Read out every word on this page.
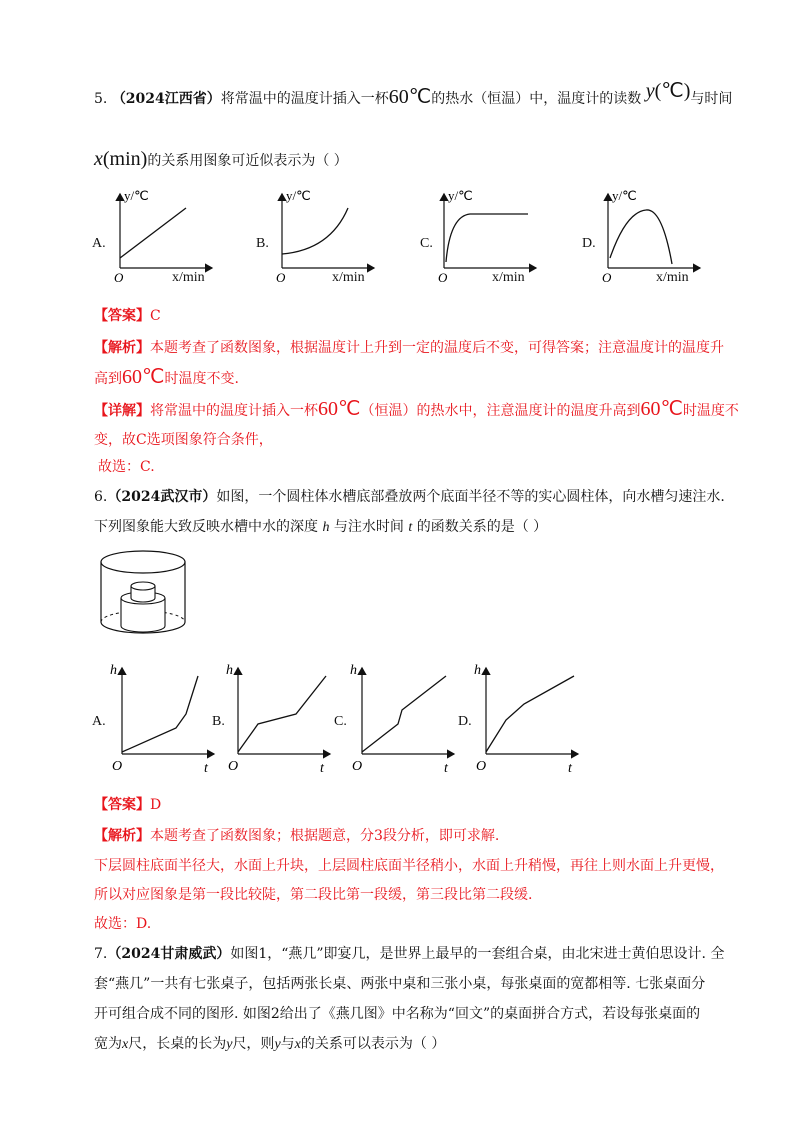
5. （2024江西省）将常温中的温度计插入一杯60℃的热水（恒温）中，温度计的读数 y(℃)与时间
x(min)的关系用图象可近似表示为（ ）
A.
y/℃
O	x/min
B.
y/℃
O	x/min
C.
y/℃
O	x/min
D.
y/℃
O	x/min
【答案】C
【解析】本题考查了函数图象，根据温度计上升到一定的温度后不变，可得答案；注意温度计的温度升
高到60℃时温度不变.
【详解】将常温中的温度计插入一杯60℃（恒温）的热水中，注意温度计的温度升高到60℃时温度不
变，故C选项图象符合条件，
故选：C.
6.（2024武汉市）如图，一个圆柱体水槽底部叠放两个底面半径不等的实心圆柱体，向水槽匀速注水.
下列图象能大致反映水槽中水的深度 h 与注水时间 t 的函数关系的是（ ）
A.
h
O	t
B.
h
O	t
C.
h
O	t
D.
h
O	t
【答案】D
【解析】本题考查了函数图象；根据题意，分3段分析，即可求解.
下层圆柱底面半径大，水面上升块，上层圆柱底面半径稍小，水面上升稍慢，再往上则水面上升更慢，
所以对应图象是第一段比较陡，第二段比第一段缓，第三段比第二段缓.
故选：D.
7.（2024甘肃威武）如图1，“燕几”即宴几，是世界上最早的一套组合桌，由北宋进士黄伯思设计. 全
套“燕几”一共有七张桌子，包括两张长桌、两张中桌和三张小桌，每张桌面的宽都相等. 七张桌面分
开可组合成不同的图形. 如图2给出了《燕几图》中名称为“回文”的桌面拼合方式，若设每张桌面的
宽为x尺，长桌的长为y尺，则y与x的关系可以表示为（ ）
